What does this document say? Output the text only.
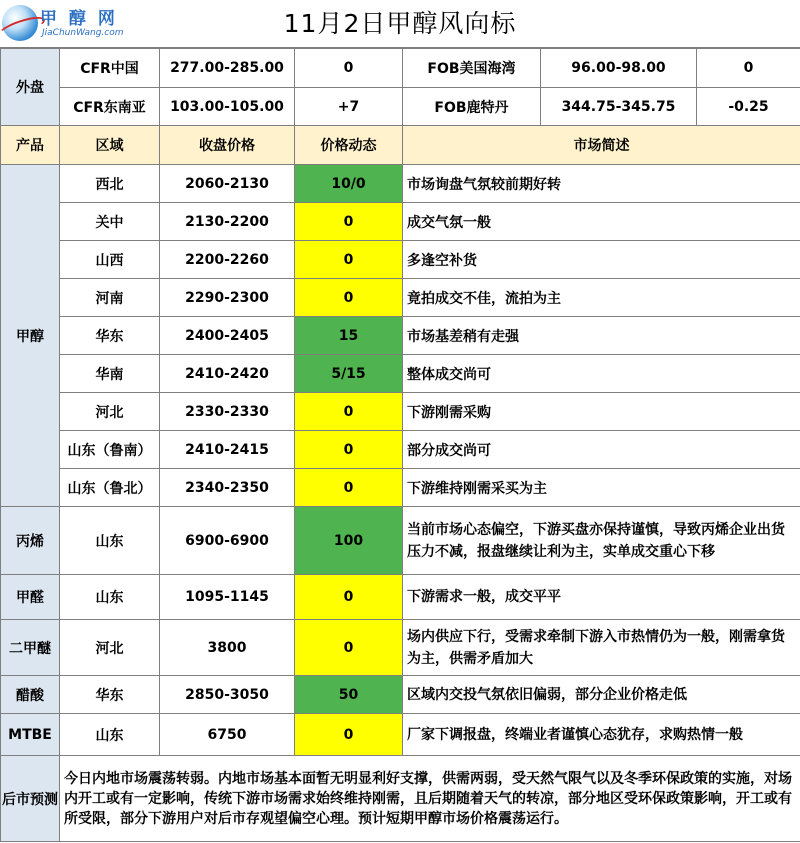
甲 醇 网
JiaChunWang.com	11月2日甲醇风向标
外盘	CFR中国	277.00-285.00	0	FOB美国海湾	96.00-98.00	0
	CFR东南亚	103.00-105.00	+7	FOB鹿特丹	344.75-345.75	-0.25
产品	区域	收盘价格	价格动态	市场简述		
甲醇	西北	2060-2130	10/0	市场询盘气氛较前期好转		
	关中	2130-2200	0	成交气氛一般		
	山西	2200-2260	0	多逢空补货		
	河南	2290-2300	0	竟拍成交不佳，流拍为主		
	华东	2400-2405	15	市场基差稍有走强		
	华南	2410-2420	5/15	整体成交尚可		
	河北	2330-2330	0	下游刚需采购		
	山东（鲁南）	2410-2415	0	部分成交尚可		
	山东（鲁北）	2340-2350	0	下游维持刚需采买为主		
丙烯	山东	6900-6900	100	当前市场心态偏空，下游买盘亦保持谨慎，导致丙烯企业出货压力不减，报盘继续让利为主，实单成交重心下移		
甲醛	山东	1095-1145	0	下游需求一般，成交平平		
二甲醚	河北	3800	0	场内供应下行，受需求牵制下游入市热情仍为一般，刚需拿货为主，供需矛盾加大		
醋酸	华东	2850-3050	50	区域内交投气氛依旧偏弱，部分企业价格走低		
MTBE	山东	6750	0	厂家下调报盘，终端业者谨慎心态犹存，求购热情一般		
后市预测	今日内地市场震荡转弱。内地市场基本面暂无明显利好支撑，供需两弱，受天然气限气以及冬季环保政策的实施，对场内开工或有一定影响，传统下游市场需求始终维持刚需，且后期随着天气的转凉，部分地区受环保政策影响，开工或有所受限，部分下游用户对后市存观望偏空心理。预计短期甲醇市场价格震荡运行。					
